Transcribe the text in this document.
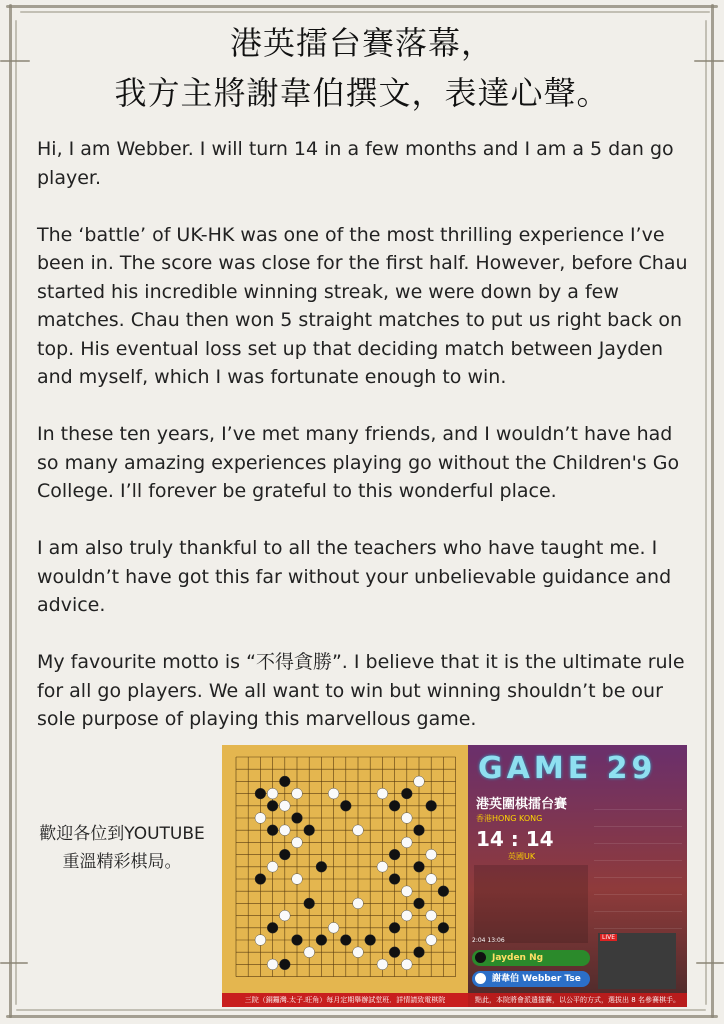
港英擂台賽落幕，
我方主將謝韋伯撰文，表達心聲。

Hi, I am Webber. I will turn 14 in a few months and I am a 5 dan go player.

The ‘battle’ of UK-HK was one of the most thrilling experience I’ve been in. The score was close for the first half. However, before Chau started his incredible winning streak, we were down by a few matches. Chau then won 5 straight matches to put us right back on top. His eventual loss set up that deciding match between Jayden and myself, which I was fortunate enough to win.

In these ten years, I’ve met many friends, and I wouldn’t have had so many amazing experiences playing go without the Children's Go College. I’ll forever be grateful to this wonderful place.

I am also truly thankful to all the teachers who have taught me. I wouldn’t have got this far without your unbelievable guidance and advice.

My favourite motto is “不得貪勝”. I believe that it is the ultimate rule for all go players. We all want to win but winning shouldn’t be our sole purpose of playing this marvellous game.

歡迎各位到YOUTUBE
重溫精彩棋局。
三院（銅鑼灣.太子.旺角）每月定期舉辦試堂班．詳情請致電棋院
GAME 29
港英圍棋擂台賽
香港HONG KONG
14 : 14
英國UK
2:04 13:06
Jayden Ng
謝韋伯 Webber Tse
LIVE
點此，本院將會派遣擂賽，以公平的方式，選拔出 8 名參賽棋手。
